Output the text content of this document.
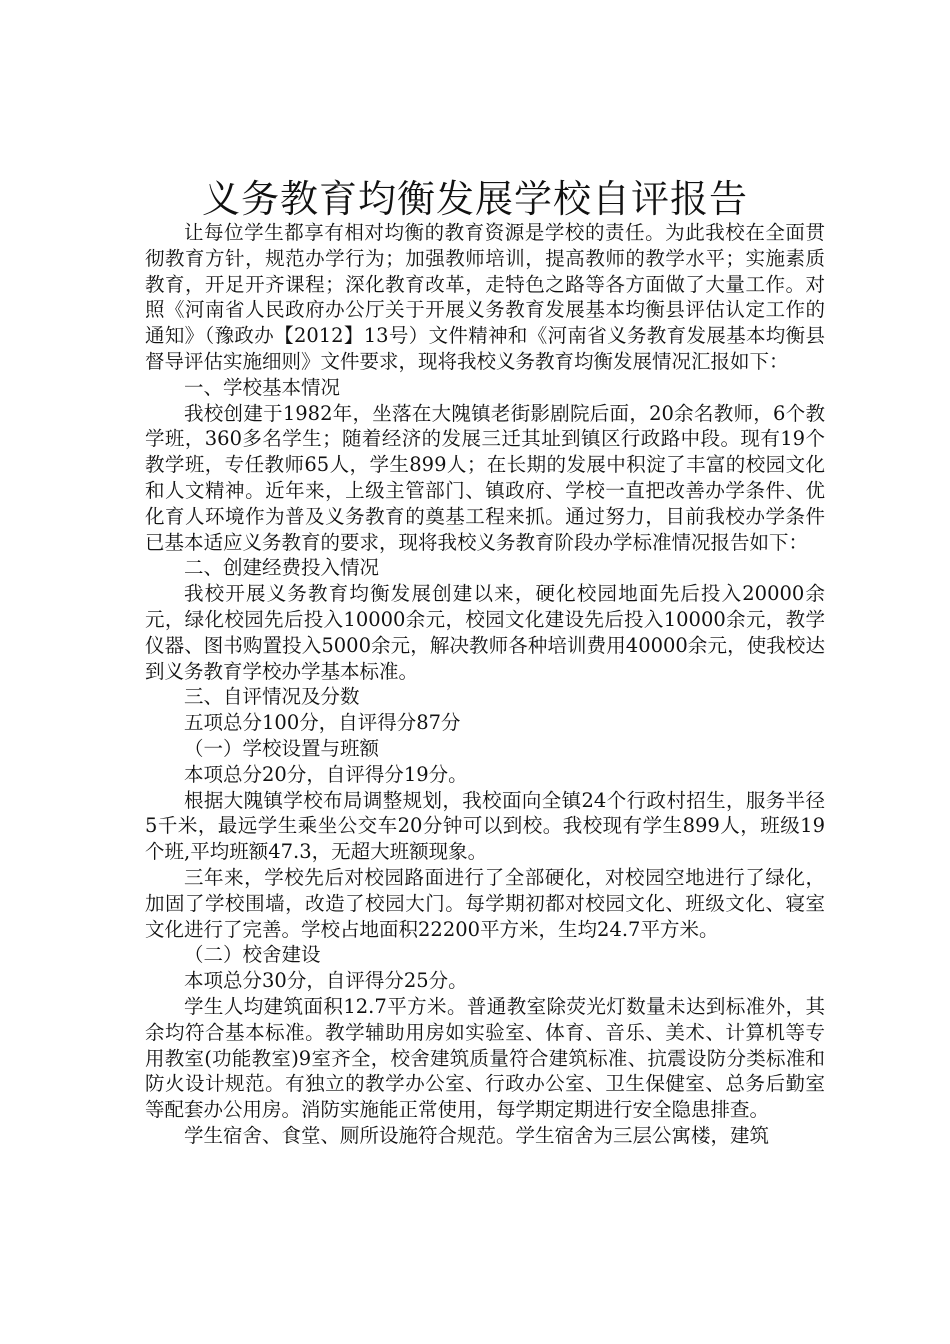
义务教育均衡发展学校自评报告

让每位学生都享有相对均衡的教育资源是学校的责任。为此我校在全面贯彻教育方针，规范办学行为；加强教师培训，提高教师的教学水平；实施素质教育，开足开齐课程；深化教育改革，走特色之路等各方面做了大量工作。对照《河南省人民政府办公厅关于开展义务教育发展基本均衡县评估认定工作的通知》（豫政办【2012】13号）文件精神和《河南省义务教育发展基本均衡县督导评估实施细则》文件要求，现将我校义务教育均衡发展情况汇报如下：

一、学校基本情况

我校创建于1982年，坐落在大隗镇老街影剧院后面，20余名教师，6个教学班，360多名学生；随着经济的发展三迁其址到镇区行政路中段。现有19个教学班，专任教师65人，学生899人；在长期的发展中积淀了丰富的校园文化和人文精神。近年来，上级主管部门、镇政府、学校一直把改善办学条件、优化育人环境作为普及义务教育的奠基工程来抓。通过努力，目前我校办学条件已基本适应义务教育的要求，现将我校义务教育阶段办学标准情况报告如下：

二、创建经费投入情况

我校开展义务教育均衡发展创建以来，硬化校园地面先后投入20000余元，绿化校园先后投入10000余元，校园文化建设先后投入10000余元，教学仪器、图书购置投入5000余元，解决教师各种培训费用40000余元，使我校达到义务教育学校办学基本标准。

三、自评情况及分数

五项总分100分，自评得分87分

（一）学校设置与班额

本项总分20分，自评得分19分。

根据大隗镇学校布局调整规划，我校面向全镇24个行政村招生，服务半径5千米，最远学生乘坐公交车20分钟可以到校。我校现有学生899人，班级19个班,平均班额47.3，无超大班额现象。

三年来，学校先后对校园路面进行了全部硬化，对校园空地进行了绿化，加固了学校围墙，改造了校园大门。每学期初都对校园文化、班级文化、寝室文化进行了完善。学校占地面积22200平方米，生均24.7平方米。

（二）校舍建设

本项总分30分，自评得分25分。

学生人均建筑面积12.7平方米。普通教室除荧光灯数量未达到标准外，其余均符合基本标准。教学辅助用房如实验室、体育、音乐、美术、计算机等专用教室(功能教室)9室齐全，校舍建筑质量符合建筑标准、抗震设防分类标准和防火设计规范。有独立的教学办公室、行政办公室、卫生保健室、总务后勤室等配套办公用房。消防实施能正常使用，每学期定期进行安全隐患排查。

学生宿舍、食堂、厕所设施符合规范。学生宿舍为三层公寓楼，建筑
